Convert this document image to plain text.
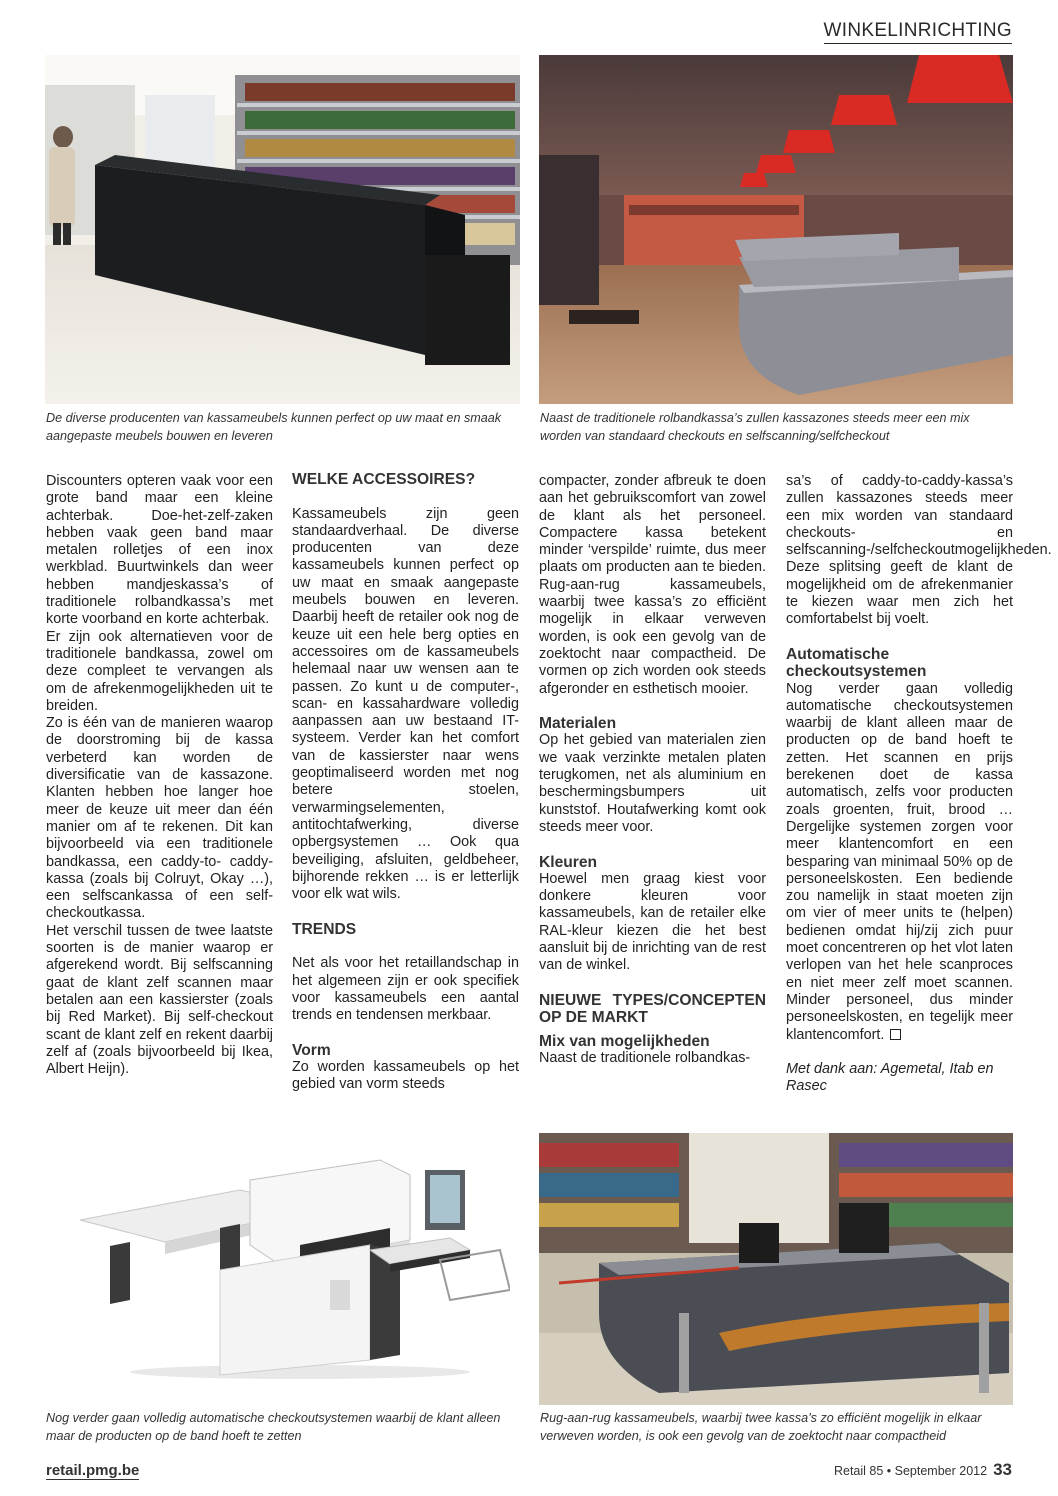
WINKELINRICHTING
De diverse producenten van kassameubels kunnen perfect op uw maat en smaak aangepaste meubels bouwen en leveren
Naast de traditionele rolbandkassa’s zullen kassazones steeds meer een mix worden van standaard checkouts en selfscanning/selfcheckout

Discounters opteren vaak voor een grote band maar een kleine achterbak. Doe-het-zelf-zaken hebben vaak geen band maar metalen rolletjes of een inox werkblad. Buurtwinkels dan weer hebben mandjeskassa’s of traditionele rolbandkassa’s met korte voorband en korte achterbak.

Er zijn ook alternatieven voor de traditionele bandkassa, zowel om deze compleet te vervangen als om de afrekenmogelijkheden uit te breiden.

Zo is één van de manieren waarop de doorstroming bij de kassa verbeterd kan worden de diversificatie van de kassazone. Klanten hebben hoe langer hoe meer de keuze uit meer dan één manier om af te rekenen. Dit kan bijvoorbeeld via een traditionele bandkassa, een caddy-to- caddy-kassa (zoals bij Colruyt, Okay …), een selfscankassa of een self-checkoutkassa.

Het verschil tussen de twee laatste soorten is de manier waarop er afgerekend wordt. Bij selfscanning gaat de klant zelf scannen maar betalen aan een kassierster (zoals bij Red Market). Bij self-checkout scant de klant zelf en rekent daarbij zelf af (zoals bijvoorbeeld bij Ikea, Albert Heijn).

WELKE ACCESSOIRES?

Kassameubels zijn geen standaardverhaal. De diverse producenten van deze kassameubels kunnen perfect op uw maat en smaak aangepaste meubels bouwen en leveren. Daarbij heeft de retailer ook nog de keuze uit een hele berg opties en accessoires om de kassameubels helemaal naar uw wensen aan te passen. Zo kunt u de computer-, scan- en kassahardware volledig aanpassen aan uw bestaand IT-systeem. Verder kan het comfort van de kassierster naar wens geoptimaliseerd worden met nog betere stoelen, verwarmingselementen, antitochtafwerking, diverse opbergsystemen … Ook qua beveiliging, afsluiten, geldbeheer, bijhorende rekken … is er letterlijk voor elk wat wils.

TRENDS

Net als voor het retaillandschap in het algemeen zijn er ook specifiek voor kassameubels een aantal trends en tendensen merkbaar.

Vorm

Zo worden kassameubels op het gebied van vorm steeds

compacter, zonder afbreuk te doen aan het gebruikscomfort van zowel de klant als het personeel. Compactere kassa betekent minder ‘verspilde’ ruimte, dus meer plaats om producten aan te bieden. Rug-aan-rug kassameubels, waarbij twee kassa’s zo efficiënt mogelijk in elkaar verweven worden, is ook een gevolg van de zoektocht naar compactheid. De vormen op zich worden ook steeds afgeronder en esthetisch mooier.

Materialen

Op het gebied van materialen zien we vaak verzinkte metalen platen terugkomen, net als aluminium en beschermingsbumpers uit kunststof. Houtafwerking komt ook steeds meer voor.

Kleuren

Hoewel men graag kiest voor donkere kleuren voor kassameubels, kan de retailer elke RAL-kleur kiezen die het best aansluit bij de inrichting van de rest van de winkel.

NIEUWE TYPES/CONCEPTEN OP DE MARKT
Mix van mogelijkheden

Naast de traditionele rolbandkas-

sa’s of caddy-to-caddy-kassa’s zullen kassazones steeds meer een mix worden van standaard checkouts- en selfscanning-/selfcheckoutmogelijkheden.

Deze splitsing geeft de klant de mogelijkheid om de afrekenmanier te kiezen waar men zich het comfortabelst bij voelt.

Automatische checkoutsystemen

Nog verder gaan volledig automatische checkoutsystemen waarbij de klant alleen maar de producten op de band hoeft te zetten. Het scannen en prijs berekenen doet de kassa automatisch, zelfs voor producten zoals groenten, fruit, brood … Dergelijke systemen zorgen voor meer klantencomfort en een besparing van minimaal 50% op de personeelskosten. Een bediende zou namelijk in staat moeten zijn om vier of meer units te (helpen) bedienen omdat hij/zij zich puur moet concentreren op het vlot laten verlopen van het hele scanproces en niet meer zelf moet scannen. Minder personeel, dus minder personeelskosten, en tegelijk meer klantencomfort.

Met dank aan: Agemetal, Itab en Rasec

Nog verder gaan volledig automatische checkoutsystemen waarbij de klant alleen maar de producten op de band hoeft te zetten
Rug-aan-rug kassameubels, waarbij twee kassa’s zo efficiënt mogelijk in elkaar verweven worden, is ook een gevolg van de zoektocht naar compactheid
retail.pmg.be	Retail 85 • September 2012 33
